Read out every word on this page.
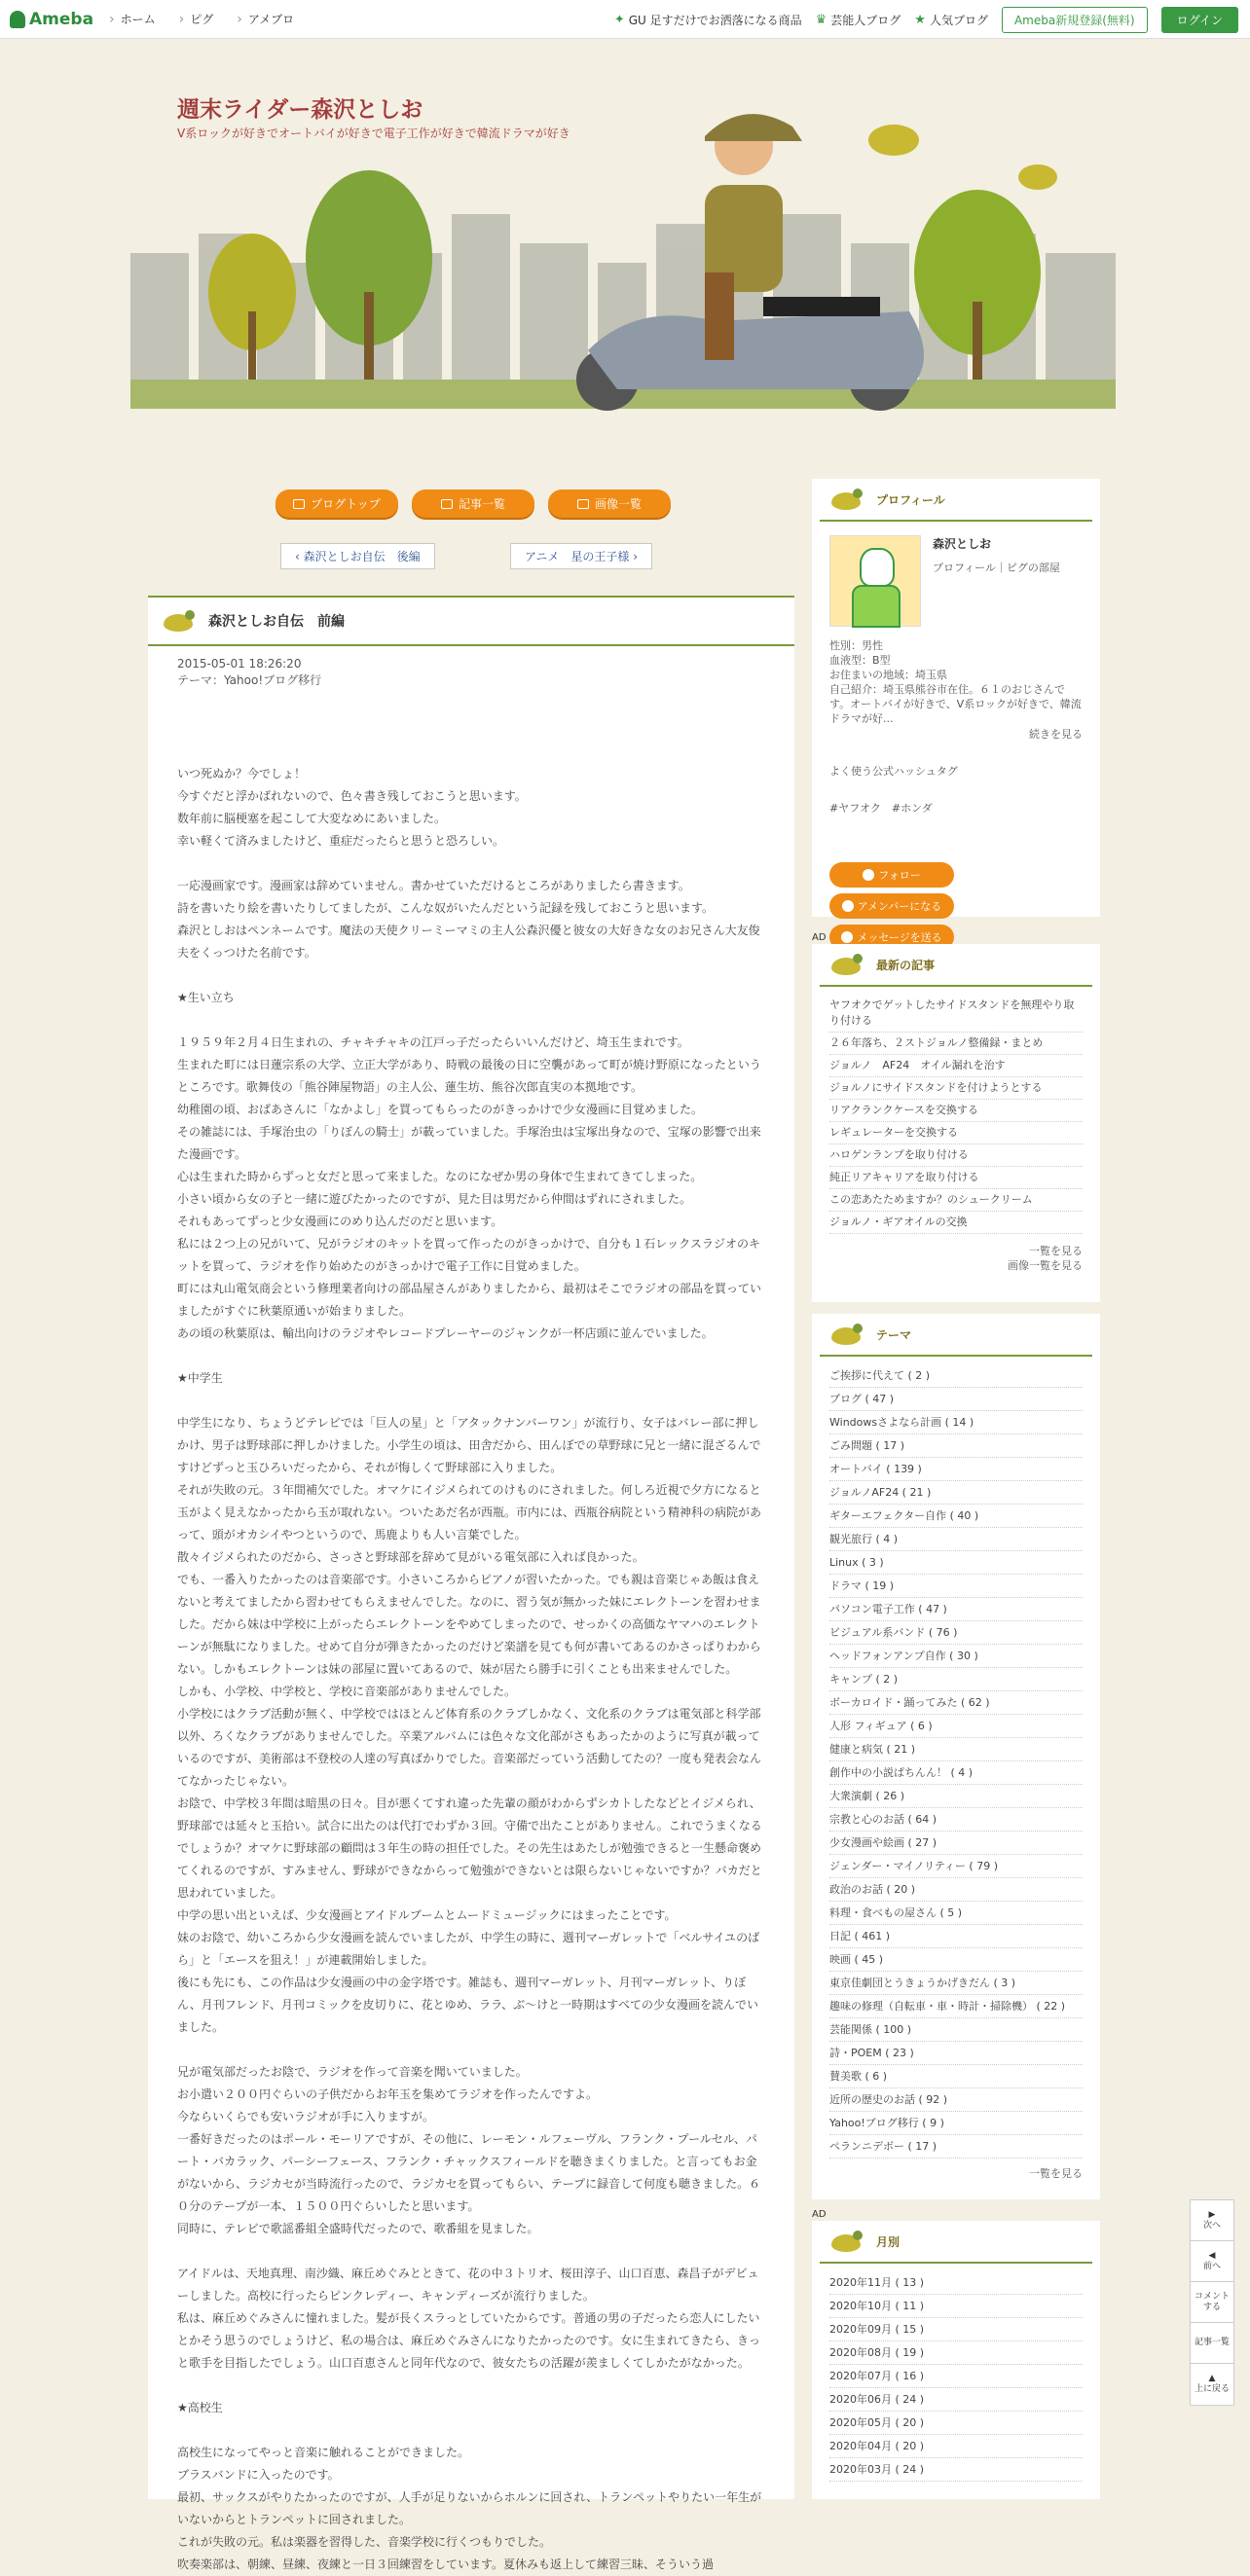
Ameba	› ホーム	› ピグ	› アメブロ	✦ GU 足すだけでお洒落になる商品 ♛ 芸能人ブログ ★ 人気ブログ	Ameba新規登録(無料)	ログイン
週末ライダー森沢としお
V系ロックが好きでオートバイが好きで電子工作が好きで韓流ドラマが好き
ブログトップ	記事一覧	画像一覧
‹ 森沢としお自伝　後編	アニメ　星の王子様 ›
森沢としお自伝　前編
2015-05-01 18:26:20
テーマ：Yahoo!ブログ移行
いつ死ぬか？今でしょ！
今すぐだと浮かばれないので、色々書き残しておこうと思います。
数年前に脳梗塞を起こして大変なめにあいました。
幸い軽くて済みましたけど、重症だったらと思うと恐ろしい。

一応漫画家です。漫画家は辞めていません。書かせていただけるところがありましたら書きます。
詩を書いたり絵を書いたりしてましたが、こんな奴がいたんだという記録を残しておこうと思います。
森沢としおはペンネームです。魔法の天使クリーミーマミの主人公森沢優と彼女の大好きな女のお兄さん大友俊夫をくっつけた名前です。

★生い立ち

１９５９年２月４日生まれの、チャキチャキの江戸っ子だったらいいんだけど、埼玉生まれです。
生まれた町には日蓮宗系の大学、立正大学があり、時戦の最後の日に空襲があって町が焼け野原になったというところです。歌舞伎の「熊谷陣屋物語」の主人公、蓮生坊、熊谷次郎直実の本拠地です。
幼稚園の頃、おばあさんに「なかよし」を買ってもらったのがきっかけで少女漫画に目覚めました。
その雑誌には、手塚治虫の「りぼんの騎士」が載っていました。手塚治虫は宝塚出身なので、宝塚の影響で出来た漫画です。
心は生まれた時からずっと女だと思って来ました。なのになぜか男の身体で生まれてきてしまった。
小さい頃から女の子と一緒に遊びたかったのですが、見た目は男だから仲間はずれにされました。
それもあってずっと少女漫画にのめり込んだのだと思います。
私には２つ上の兄がいて、兄がラジオのキットを買って作ったのがきっかけで、自分も１石レックスラジオのキットを買って、ラジオを作り始めたのがきっかけで電子工作に目覚めました。
町には丸山電気商会という修理業者向けの部品屋さんがありましたから、最初はそこでラジオの部品を買っていましたがすぐに秋葉原通いが始まりました。
あの頃の秋葉原は、輸出向けのラジオやレコードプレーヤーのジャンクが一杯店頭に並んでいました。

★中学生

中学生になり、ちょうどテレビでは「巨人の星」と「アタックナンバーワン」が流行り、女子はバレー部に押しかけ、男子は野球部に押しかけました。小学生の頃は、田舎だから、田んぼでの草野球に兄と一緒に混ざるんですけどずっと玉ひろいだったから、それが悔しくて野球部に入りました。
それが失敗の元。３年間補欠でした。オマケにイジメられてのけものにされました。何しろ近視で夕方になると玉がよく見えなかったから玉が取れない。ついたあだ名が西瓶。市内には、西瓶谷病院という精神科の病院があって、頭がオカシイやつというので、馬鹿よりも人い言葉でした。
散々イジメられたのだから、さっさと野球部を辞めて見がいる電気部に入れば良かった。
でも、一番入りたかったのは音楽部です。小さいころからピアノが習いたかった。でも親は音楽じゃあ飯は食えないと考えてましたから習わせてもらえませんでした。なのに、習う気が無かった妹にエレクトーンを習わせました。だから妹は中学校に上がったらエレクトーンをやめてしまったので、せっかくの高価なヤマハのエレクトーンが無駄になりました。せめて自分が弾きたかったのだけど楽譜を見ても何が書いてあるのかさっぱりわからない。しかもエレクトーンは妹の部屋に置いてあるので、妹が居たら勝手に引くことも出来ませんでした。
しかも、小学校、中学校と、学校に音楽部がありませんでした。
小学校にはクラブ活動が無く、中学校ではほとんど体育系のクラブしかなく、文化系のクラブは電気部と科学部以外、ろくなクラブがありませんでした。卒業アルバムには色々な文化部がさもあったかのように写真が載っているのですが、美術部は不登校の人達の写真ばかりでした。音楽部だっていう活動してたの？一度も発表会なんてなかったじゃない。
お陰で、中学校３年間は暗黒の日々。目が悪くてすれ違った先輩の顔がわからずシカトしたなどとイジメられ、野球部では延々と玉拾い。試合に出たのは代打でわずか３回。守備で出たことがありません。これでうまくなるでしょうか？オマケに野球部の顧問は３年生の時の担任でした。その先生はあたしが勉強できると一生懸命褒めてくれるのですが、すみません、野球ができなからって勉強ができないとは限らないじゃないですか？バカだと思われていました。
中学の思い出といえば、少女漫画とアイドルブームとムードミュージックにはまったことです。
妹のお陰で、幼いころから少女漫画を読んでいましたが、中学生の時に、週刊マーガレットで「ベルサイユのばら」と「エースを狙え！」が連載開始しました。
後にも先にも、この作品は少女漫画の中の金字塔です。雑誌も、週刊マーガレット、月刊マーガレット、りぼん、月刊フレンド、月刊コミックを皮切りに、花とゆめ、ララ、ぶ〜けと一時期はすべての少女漫画を読んでいました。

兄が電気部だったお陰で、ラジオを作って音楽を聞いていました。
お小遣い２００円ぐらいの子供だからお年玉を集めてラジオを作ったんですよ。
今ならいくらでも安いラジオが手に入りますが。
一番好きだったのはポール・モーリアですが、その他に、レーモン・ルフェーヴル、フランク・プールセル、パート・バカラック、パーシーフェース、フランク・チャックスフィールドを聴きまくりました。と言ってもお金がないから、ラジカセが当時流行ったので、ラジカセを買ってもらい、テープに録音して何度も聴きました。６０分のテープが一本、１５００円ぐらいしたと思います。
同時に、テレビで歌謡番組全盛時代だったので、歌番組を見ました。

アイドルは、天地真理、南沙織、麻丘めぐみとときて、花の中３トリオ、桜田淳子、山口百恵、森昌子がデビューしました。高校に行ったらピンクレディー、キャンディーズが流行りました。
私は、麻丘めぐみさんに憧れました。髪が長くスラっとしていたからです。普通の男の子だったら恋人にしたいとかそう思うのでしょうけど、私の場合は、麻丘めぐみさんになりたかったのです。女に生まれてきたら、きっと歌手を目指したでしょう。山口百恵さんと同年代なので、彼女たちの活躍が羨ましくてしかたがなかった。

★高校生

高校生になってやっと音楽に触れることができました。
ブラスバンドに入ったのです。
最初、サックスがやりたかったのですが、人手が足りないからホルンに回され、トランペットやりたい一年生がいないからとトランペットに回されました。
これが失敗の元。私は楽器を習得した、音楽学校に行くつもりでした。
吹奏楽部は、朝練、昼練、夜練と一日３回練習をしています。夏休みも返上して練習三昧、そういう過
プロフィール
森沢としお
プロフィール｜ピグの部屋
性別：男性
血液型：B型
お住まいの地域：埼玉県
自己紹介：埼玉県熊谷市在住。６１のおじさんです。オートバイが好きで、V系ロックが好きで、韓流ドラマが好...
続きを見る
よく使う公式ハッシュタグ
#ヤフオク　#ホンダ
フォロー
アメンバーになる
メッセージを送る
AD
最新の記事
ヤフオクでゲットしたサイドスタンドを無理やり取り付ける
２６年落ち、２ストジョルノ整備録・まとめ
ジョルノ　AF24　オイル漏れを治す
ジョルノにサイドスタンドを付けようとする
リアクランクケースを交換する
レギュレーターを交換する
ハロゲンランプを取り付ける
純正リアキャリアを取り付ける
この恋あたためますか？のシュークリーム
ジョルノ・ギアオイルの交換
一覧を見る
画像一覧を見る
テーマ
ご挨拶に代えて ( 2 )
ブログ ( 47 )
Windowsさよなら計画 ( 14 )
ごみ問題 ( 17 )
オートバイ ( 139 )
ジョルノAF24 ( 21 )
ギターエフェクター自作 ( 40 )
観光旅行 ( 4 )
Linux ( 3 )
ドラマ ( 19 )
パソコン電子工作 ( 47 )
ビジュアル系バンド ( 76 )
ヘッドフォンアンプ自作 ( 30 )
キャンプ ( 2 )
ボーカロイド・踊ってみた ( 62 )
人形 フィギュア ( 6 )
健康と病気 ( 21 )
創作中の小説ぱちんん！ ( 4 )
大衆演劇 ( 26 )
宗教と心のお話 ( 64 )
少女漫画や絵画 ( 27 )
ジェンダー・マイノリティー ( 79 )
政治のお話 ( 20 )
料理・食べもの屋さん ( 5 )
日記 ( 461 )
映画 ( 45 )
東京佳劇団とうきょうかげきだん ( 3 )
趣味の修理（自転車・車・時計・掃除機） ( 22 )
芸能関係 ( 100 )
詩・POEM ( 23 )
賛美歌 ( 6 )
近所の歴史のお話 ( 92 )
Yahoo!ブログ移行 ( 9 )
ペランニデボー ( 17 )
一覧を見る
AD
月別
2020年11月 ( 13 )
2020年10月 ( 11 )
2020年09月 ( 15 )
2020年08月 ( 19 )
2020年07月 ( 16 )
2020年06月 ( 24 )
2020年05月 ( 20 )
2020年04月 ( 20 )
2020年03月 ( 24 )
▶
次へ
◀
前へ
コメントする
記事一覧
▲
上に戻る
